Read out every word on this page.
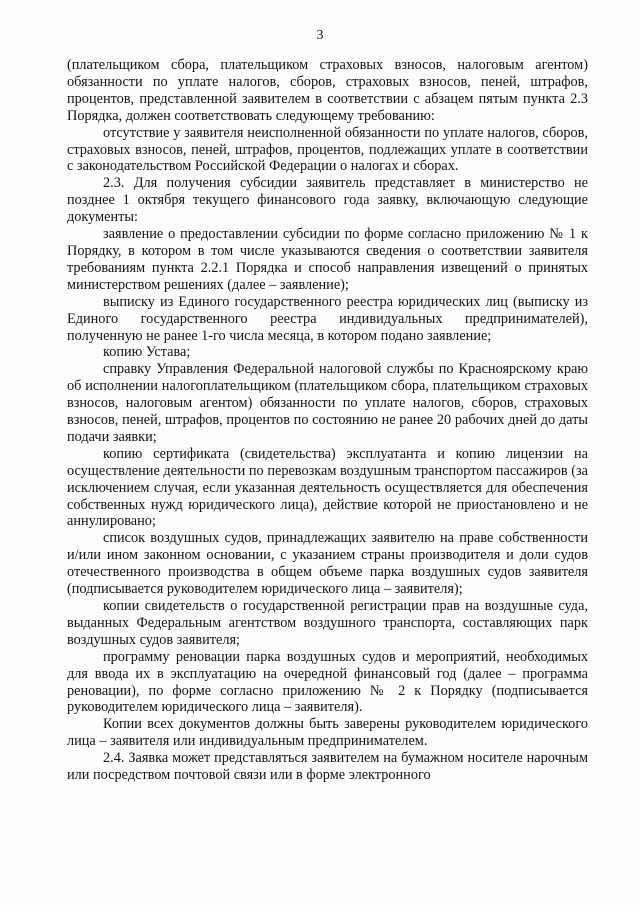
3

(плательщиком сбора, плательщиком страховых взносов, налоговым агентом) обязанности по уплате налогов, сборов, страховых взносов, пеней, штрафов, процентов, представленной заявителем в соответствии с абзацем пятым пункта 2.3 Порядка, должен соответствовать следующему требованию:

отсутствие у заявителя неисполненной обязанности по уплате налогов, сборов, страховых взносов, пеней, штрафов, процентов, подлежащих уплате в соответствии с законодательством Российской Федерации о налогах и сборах.

2.3. Для получения субсидии заявитель представляет в министерство не позднее 1 октября текущего финансового года заявку, включающую следующие документы:

заявление о предоставлении субсидии по форме согласно приложению № 1 к Порядку, в котором в том числе указываются сведения о соответствии заявителя требованиям пункта 2.2.1 Порядка и способ направления извещений о принятых министерством решениях (далее – заявление);

выписку из Единого государственного реестра юридических лиц (выписку из Единого государственного реестра индивидуальных предпринимателей), полученную не ранее 1-го числа месяца, в котором подано заявление;

копию Устава;

справку Управления Федеральной налоговой службы по Красноярскому краю об исполнении налогоплательщиком (плательщиком сбора, плательщиком страховых взносов, налоговым агентом) обязанности по уплате налогов, сборов, страховых взносов, пеней, штрафов, процентов по состоянию не ранее 20 рабочих дней до даты подачи заявки;

копию сертификата (свидетельства) эксплуатанта и копию лицензии на осуществление деятельности по перевозкам воздушным транспортом пассажиров (за исключением случая, если указанная деятельность осуществляется для обеспечения собственных нужд юридического лица), действие которой не приостановлено и не аннулировано;

список воздушных судов, принадлежащих заявителю на праве собственности и/или ином законном основании, с указанием страны производителя и доли судов отечественного производства в общем объеме парка воздушных судов заявителя (подписывается руководителем юридического лица – заявителя);

копии свидетельств о государственной регистрации прав на воздушные суда, выданных Федеральным агентством воздушного транспорта, составляющих парк воздушных судов заявителя;

программу реновации парка воздушных судов и мероприятий, необходимых для ввода их в эксплуатацию на очередной финансовый год (далее – программа реновации), по форме согласно приложению № 2 к Порядку (подписывается руководителем юридического лица – заявителя).

Копии всех документов должны быть заверены руководителем юридического лица – заявителя или индивидуальным предпринимателем.

2.4. Заявка может представляться заявителем на бумажном носителе нарочным или посредством почтовой связи или в форме электронного
